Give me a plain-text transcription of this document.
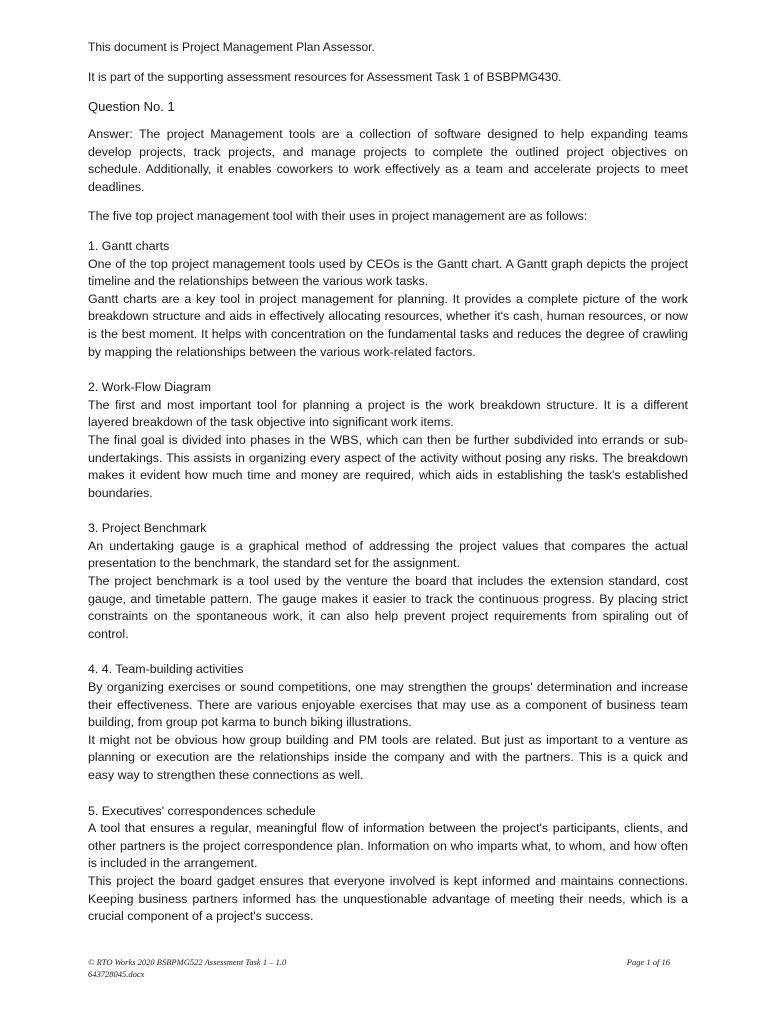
This document is Project Management Plan Assessor.

It is part of the supporting assessment resources for Assessment Task 1 of BSBPMG430.

Question No. 1

Answer: The project Management tools are a collection of software designed to help expanding teams develop projects, track projects, and manage projects to complete the outlined project objectives on schedule. Additionally, it enables coworkers to work effectively as a team and accelerate projects to meet deadlines.

The five top project management tool with their uses in project management are as follows:

1. Gantt charts

One of the top project management tools used by CEOs is the Gantt chart. A Gantt graph depicts the project timeline and the relationships between the various work tasks.

Gantt charts are a key tool in project management for planning. It provides a complete picture of the work breakdown structure and aids in effectively allocating resources, whether it's cash, human resources, or now is the best moment. It helps with concentration on the fundamental tasks and reduces the degree of crawling by mapping the relationships between the various work-related factors.

2. Work-Flow Diagram

The first and most important tool for planning a project is the work breakdown structure. It is a different layered breakdown of the task objective into significant work items.

The final goal is divided into phases in the WBS, which can then be further subdivided into errands or sub-undertakings. This assists in organizing every aspect of the activity without posing any risks. The breakdown makes it evident how much time and money are required, which aids in establishing the task's established boundaries.

3. Project Benchmark

An undertaking gauge is a graphical method of addressing the project values that compares the actual presentation to the benchmark, the standard set for the assignment.

The project benchmark is a tool used by the venture the board that includes the extension standard, cost gauge, and timetable pattern. The gauge makes it easier to track the continuous progress. By placing strict constraints on the spontaneous work, it can also help prevent project requirements from spiraling out of control.

4. 4. Team-building activities

By organizing exercises or sound competitions, one may strengthen the groups' determination and increase their effectiveness. There are various enjoyable exercises that may use as a component of business team building, from group pot karma to bunch biking illustrations.

It might not be obvious how group building and PM tools are related. But just as important to a venture as planning or execution are the relationships inside the company and with the partners. This is a quick and easy way to strengthen these connections as well.

5. Executives' correspondences schedule

A tool that ensures a regular, meaningful flow of information between the project's participants, clients, and other partners is the project correspondence plan. Information on who imparts what, to whom, and how often is included in the arrangement.

This project the board gadget ensures that everyone involved is kept informed and maintains connections. Keeping business partners informed has the unquestionable advantage of meeting their needs, which is a crucial component of a project's success.

© RTO Works 2020 BSBPMG522 Assessment Task 1 – 1.0	Page 1 of 16
643728045.docx
